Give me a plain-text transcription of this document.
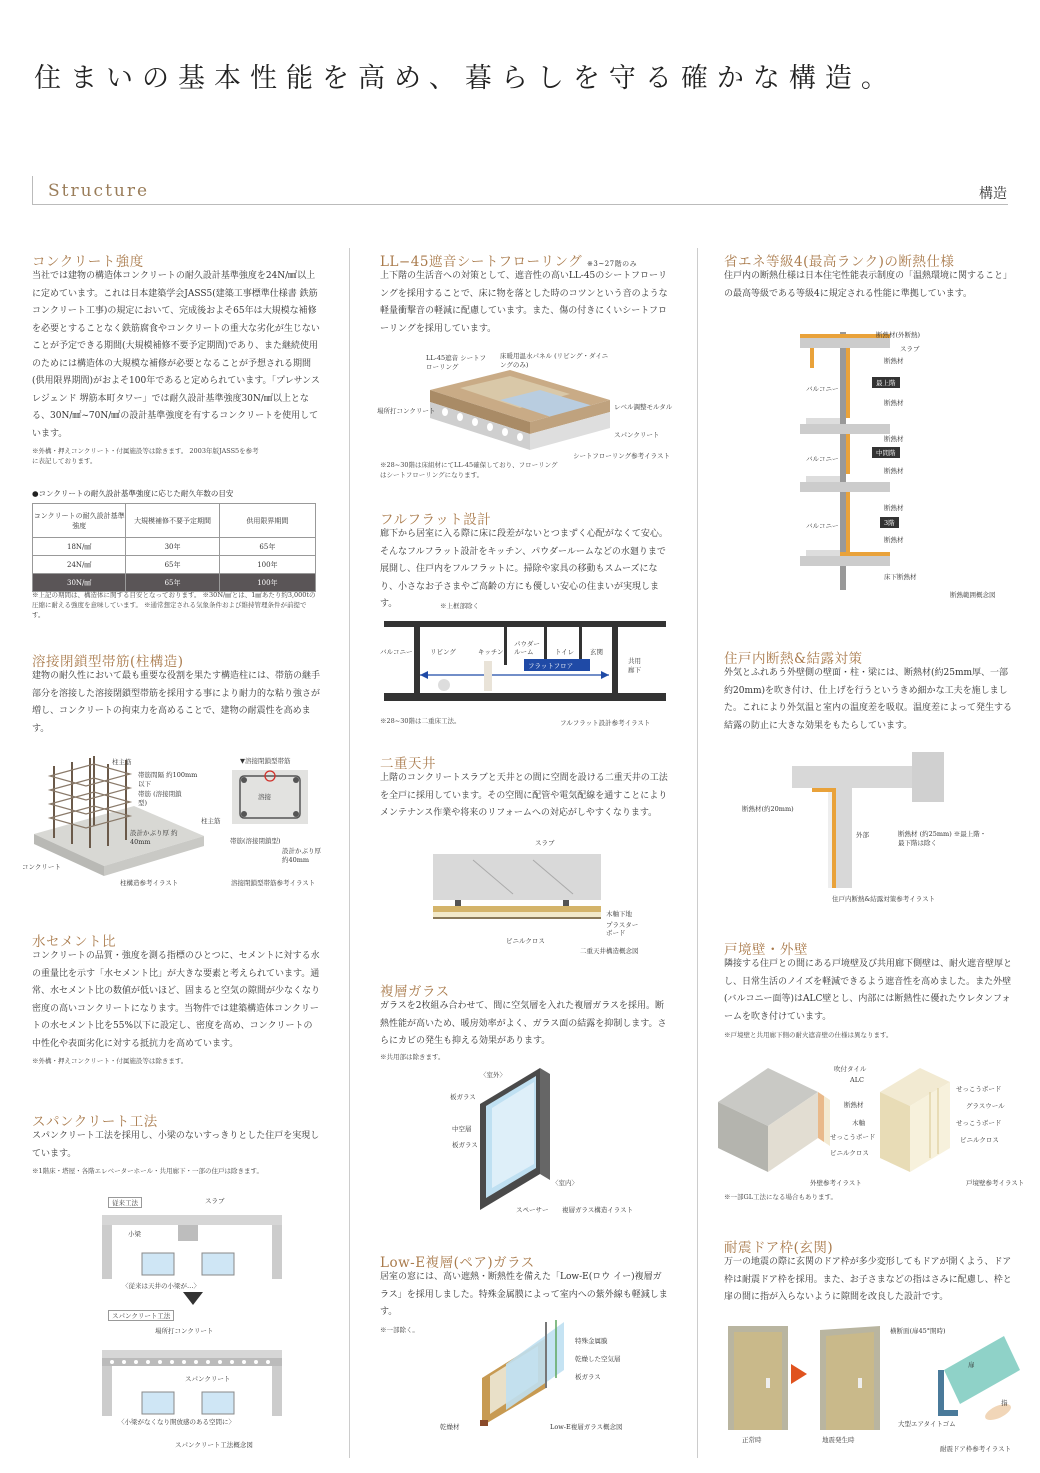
住まいの基本性能を高め、暮らしを守る確かな構造。
Structure	構造
コンクリート強度
当社では建物の構造体コンクリートの耐久設計基準強度を24N/㎟以上に定めています。これは日本建築学会JASS5(建築工事標準仕様書 鉄筋コンクリート工事)の規定において、完成後およそ65年は大規模な補修を必要とすることなく鉄筋腐食やコンクリートの重大な劣化が生じないことが予定できる期間(大規模補修不要予定期間)であり、また継続使用のためには構造体の大規模な補修が必要となることが予想される期間(供用限界期間)がおよそ100年であると定められています。「プレサンス レジェンド 堺筋本町タワー」では耐久設計基準強度30N/㎟以上となる、30N/㎟~70N/㎟の設計基準強度を有するコンクリートを使用しています。
※外構・押えコンクリート・付属施設等は除きます。 2003年版JASS5を参考に表記しております。
●コンクリートの耐久設計基準強度に応じた耐久年数の目安
コンクリートの耐久設計基準強度	大規模補修不要予定期間	供用限界期間
18N/㎟	30年	65年
24N/㎟	65年	100年
30N/㎟	65年	100年
※上記の期間は、構造体に関する目安となっております。 ※30N/㎟とは、1㎟あたり約3,000tの圧縮に耐える強度を意味しています。 ※通常想定される気象条件および維持管理条件が前提です。
溶接閉鎖型帯筋(柱構造)
建物の耐久性において最も重要な役割を果たす構造柱には、帯筋の継手部分を溶接した溶接閉鎖型帯筋を採用する事により耐力的な粘り強さが増し、コンクリートの拘束力を高めることで、建物の耐震性を高めます。
柱主筋
帯筋間隔 約100mm以下
帯筋 (溶接閉鎖型)
設計かぶり厚 約40mm
コンクリート
柱構造参考イラスト
▼溶接閉鎖型帯筋
溶接
柱主筋
帯筋(溶接閉鎖型)
設計かぶり厚 約40mm
溶接閉鎖型帯筋参考イラスト
水セメント比
コンクリートの品質・強度を測る指標のひとつに、セメントに対する水の重量比を示す「水セメント比」が大きな要素と考えられています。通常、水セメント比の数値が低いほど、固まると空気の隙間が少なくなり密度の高いコンクリートになります。当物件では建築構造体コンクリートの水セメント比を55%以下に設定し、密度を高め、コンクリートの中性化や表面劣化に対する抵抗力を高めています。
※外構・押えコンクリート・付属施設等は除きます。
スパンクリート工法
スパンクリート工法を採用し、小梁のないすっきりとした住戸を実現しています。
※1階床・塔屋・各階エレベーターホール・共用廊下・一部の住戸は除きます。
従来工法	スラブ
小梁
〈従来は天井の小梁が…〉
スパンクリート工法
場所打コンクリート
スパンクリート
〈小梁がなくなり開放感のある空間に〉
スパンクリート工法概念図
LL−45遮音シートフローリング ※3~27階のみ
上下階の生活音への対策として、遮音性の高いLL-45のシートフローリングを採用することで、床に物を落とした時のコツンという音のような軽量衝撃音の軽減に配慮しています。また、傷の付きにくいシートフローリングを採用しています。
LL-45遮音 シートフローリング
床暖用温水パネル (リビング・ダイニングのみ)
場所打コンクリート	レベル調整モルタル
スパンクリート
シートフローリング参考イラスト
※28~30階は床組材にてLL-45確保しており、フローリングはシートフローリングになります。
フルフラット設計
廊下から居室に入る際に床に段差がないとつまずく心配がなくて安心。そんなフルフラット設計をキッチン、パウダールームなどの水廻りまで展開し、住戸内をフルフラットに。掃除や家具の移動もスムーズになり、小さなお子さまやご高齢の方にも優しい安心の住まいが実現します。	※上框部除く
フラットフロア
バルコニー	リビング	キッチン
パウダー ルーム	トイレ 玄関
共用 廊下
※28~30階は二重床工法。	フルフラット設計参考イラスト
二重天井
上階のコンクリートスラブと天井との間に空間を設ける二重天井の工法を全戸に採用しています。その空間に配管や電気配線を通すことによりメンテナンス作業や将来のリフォームへの対応がしやすくなります。
スラブ
木軸下地
プラスター ボード
ビニルクロス
二重天井構造概念図
複層ガラス
ガラスを2枚組み合わせて、間に空気層を入れた複層ガラスを採用。断熱性能が高いため、暖房効率がよく、ガラス面の結露を抑制します。さらにカビの発生も抑える効果があります。
※共用部は除きます。
〈室外〉
板ガラス
中空層
板ガラス
〈室内〉
スペーサー 複層ガラス構造イラスト
Low-E複層(ペア)ガラス
居室の窓には、高い遮熱・断熱性を備えた「Low-E(ロウ イー)複層ガラス」を採用しました。特殊金属膜によって室内への紫外線も軽減します。
※一部除く。
特殊金属膜
乾燥した空気層
板ガラス
乾燥材	Low-E複層ガラス概念図
省エネ等級4(最高ランク)の断熱仕様
住戸内の断熱仕様は日本住宅性能表示制度の「温熱環境に関すること」の最高等級である等級4に規定される性能に準拠しています。
断熱材(外断熱)
スラブ
断熱材
最上階
断熱材
断熱材
中間階
断熱材
断熱材
3階
断熱材
床下断熱材
バルコニー
バルコニー
バルコニー
断熱範囲概念図
住戸内断熱&結露対策
外気とふれあう外壁側の壁面・柱・梁には、断熱材(約25mm厚、一部約20mm)を吹き付け、仕上げを行うというきめ細かな工夫を施しました。これにより外気温と室内の温度差を吸収。温度差によって発生する結露の防止に大きな効果をもたらしています。
断熱材(約20mm)
外部	断熱材 (約25mm) ※最上階・最下階は除く
住戸内断熱&結露対策参考イラスト
戸境壁・外壁
隣接する住戸との間にある戸境壁及び共用廊下側壁は、耐火遮音壁厚とし、日常生活のノイズを軽減できるよう遮音性を高めました。また外壁(バルコニー面等)はALC壁とし、内部には断熱性に優れたウレタンフォームを吹き付けています。
※戸境壁と共用廊下側の耐火遮音壁の仕様は異なります。
吹付タイル
ALC
断熱材
木軸
せっこうボード
ビニルクロス
せっこうボード
グラスウール
せっこうボード
ビニルクロス
外壁参考イラスト	戸境壁参考イラスト
※一部GL工法になる場合もあります。
耐震ドア枠(玄関)
万一の地震の際に玄関のドア枠が多少変形してもドアが開くよう、ドア枠は耐震ドア枠を採用。また、お子さまなどの指はさみに配慮し、枠と扉の間に指が入らないように隙間を改良した設計です。
横断面(扉45°開時)
扉
指
大型エアタイトゴム
正常時	地震発生時
耐震ドア枠参考イラスト
